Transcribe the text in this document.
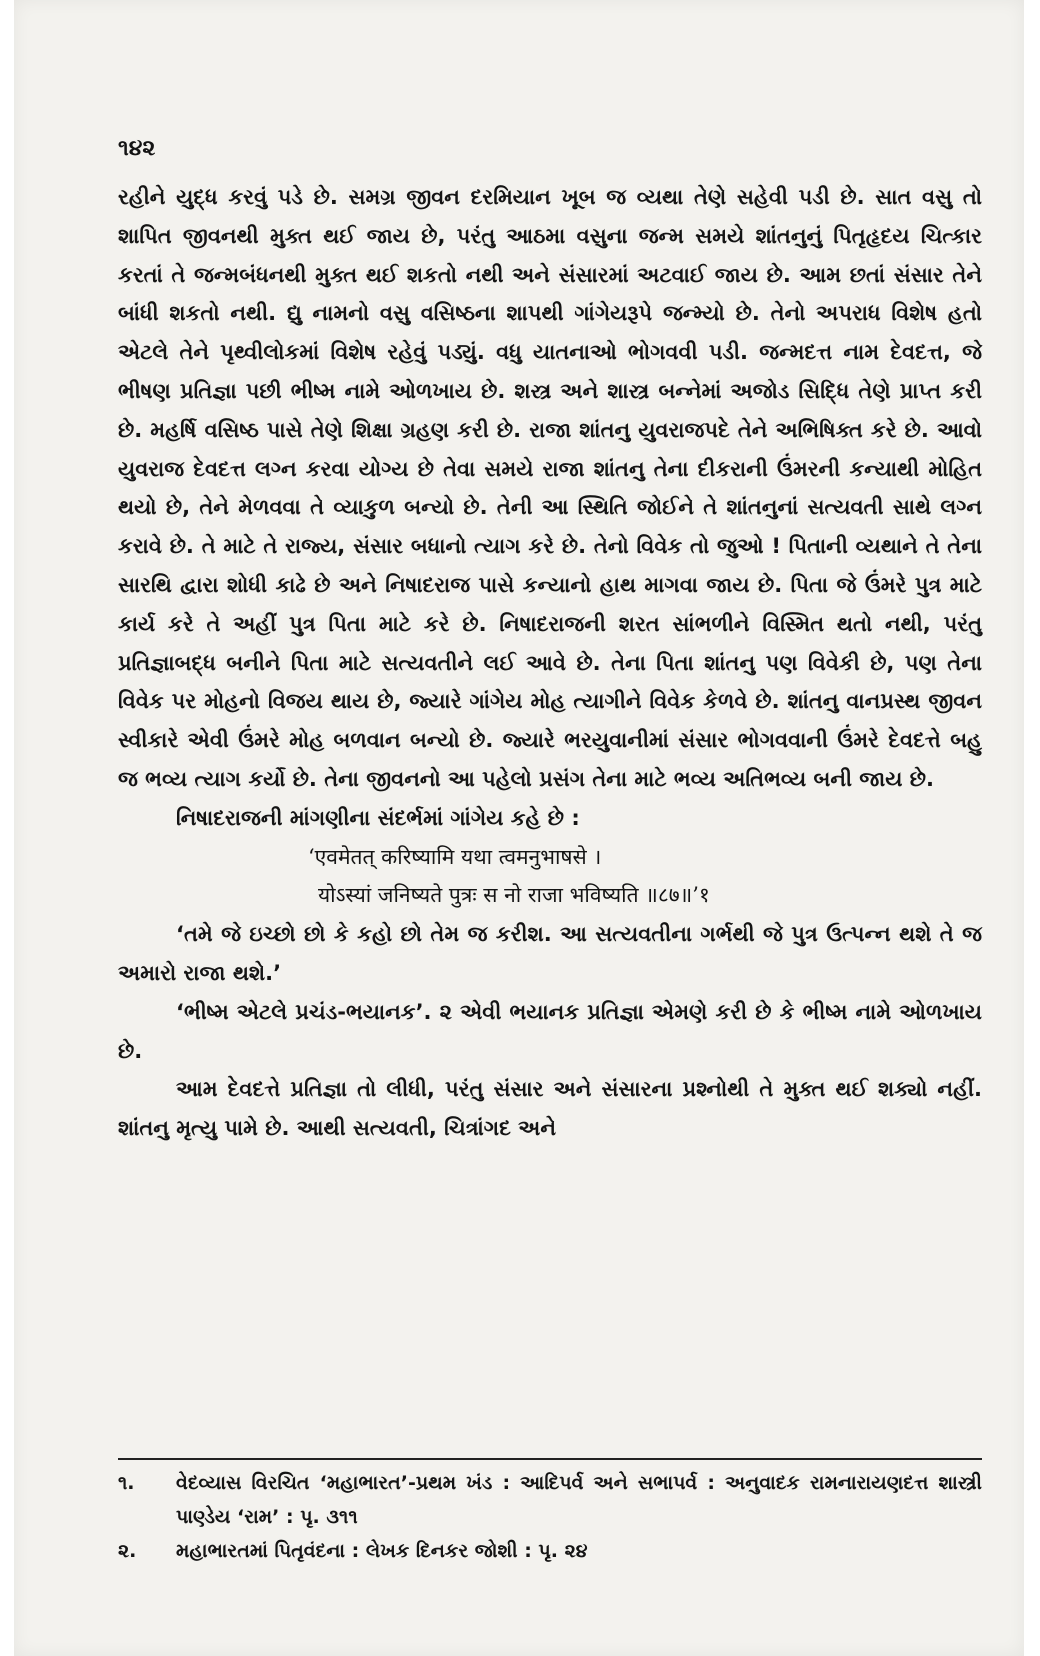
૧૪૨

રહીને યુદ્ધ કરવું પડે છે. સમગ્ર જીવન દરમિયાન ખૂબ જ વ્યથા તેણે સહેવી પડી છે. સાત વસુ તો શાપિત જીવનથી મુક્ત થઈ જાય છે, પરંતુ આઠમા વસુના જન્મ સમયે શાંતનુનું પિતૃહૃદય ચિત્કાર કરતાં તે જન્મબંધનથી મુક્ત થઈ શકતો નથી અને સંસારમાં અટવાઈ જાય છે. આમ છતાં સંસાર તેને બાંધી શકતો નથી. દ્યુ નામનો વસુ વસિષ્ઠના શાપથી ગાંગેયરૂપે જન્મ્યો છે. તેનો અપરાધ વિશેષ હતો એટલે તેને પૃથ્વીલોકમાં વિશેષ રહેવું પડ્યું. વધુ યાતનાઓ ભોગવવી પડી. જન્મદત્ત નામ દેવદત્ત, જે ભીષણ પ્રતિજ્ઞા પછી ભીષ્મ નામે ઓળખાય છે. શસ્ત્ર અને શાસ્ત્ર બન્નેમાં અજોડ સિદ્ધિ તેણે પ્રાપ્ત કરી છે. મહર્ષિ વસિષ્ઠ પાસે તેણે શિક્ષા ગ્રહણ કરી છે. રાજા શાંતનુ યુવરાજપદે તેને અભિષિક્ત કરે છે. આવો યુવરાજ દેવદત્ત લગ્ન કરવા યોગ્ય છે તેવા સમયે રાજા શાંતનુ તેના દીકરાની ઉંમરની કન્યાથી મોહિત થયો છે, તેને મેળવવા તે વ્યાકુળ બન્યો છે. તેની આ સ્થિતિ જોઈને તે શાંતનુનાં સત્યવતી સાથે લગ્ન કરાવે છે. તે માટે તે રાજ્ય, સંસાર બધાનો ત્યાગ કરે છે. તેનો વિવેક તો જુઓ ! પિતાની વ્યથાને તે તેના સારથિ દ્વારા શોધી કાઢે છે અને નિષાદરાજ પાસે કન્યાનો હાથ માગવા જાય છે. પિતા જે ઉંમરે પુત્ર માટે કાર્ય કરે તે અહીં પુત્ર પિતા માટે કરે છે. નિષાદરાજની શરત સાંભળીને વિસ્મિત થતો નથી, પરંતુ પ્રતિજ્ઞાબદ્ધ બનીને પિતા માટે સત્યવતીને લઈ આવે છે. તેના પિતા શાંતનુ પણ વિવેકી છે, પણ તેના વિવેક પર મોહનો વિજય થાય છે, જ્યારે ગાંગેય મોહ ત્યાગીને વિવેક કેળવે છે. શાંતનુ વાનપ્રસ્થ જીવન સ્વીકારે એવી ઉંમરે મોહ બળવાન બન્યો છે. જ્યારે ભરયુવાનીમાં સંસાર ભોગવવાની ઉંમરે દેવદત્તે બહુ જ ભવ્ય ત્યાગ કર્યો છે. તેના જીવનનો આ પહેલો પ્રસંગ તેના માટે ભવ્ય અતિભવ્ય બની જાય છે.

નિષાદરાજની માંગણીના સંદર્ભમાં ગાંગેય કહે છે :

‘एवमेतत् करिष्यामि यथा त्वमनुभाषसे ।

योऽस्यां जनिष्यते पुत्रः स नो राजा भविष्यति ॥८७॥’१

‘તમે જે ઇચ્છો છો કે કહો છો તેમ જ કરીશ. આ સત્યવતીના ગર્ભથી જે પુત્ર ઉત્પન્ન થશે તે જ અમારો રાજા થશે.’

‘ભીષ્મ એટલે પ્રચંડ-ભયાનક’. ૨ એવી ભયાનક પ્રતિજ્ઞા એમણે કરી છે કે ભીષ્મ નામે ઓળખાય છે.

આમ દેવદત્તે પ્રતિજ્ઞા તો લીધી, પરંતુ સંસાર અને સંસારના પ્રશ્નોથી તે મુક્ત થઈ શક્યો નહીં. શાંતનુ મૃત્યુ પામે છે. આથી સત્યવતી, ચિત્રાંગદ અને

૧.	વેદવ્યાસ વિરચિત ‘મહાભારત’-પ્રથમ ખંડ : આદિપર્વ અને સભાપર્વ : અનુવાદક રામનારાયણદત્ત શાસ્ત્રી પાણ્ડેય ‘રામ’ : પૃ. ૩૧૧
૨.	મહાભારતમાં પિતૃવંદના : લેખક દિનકર જોશી : પૃ. ૨૪
